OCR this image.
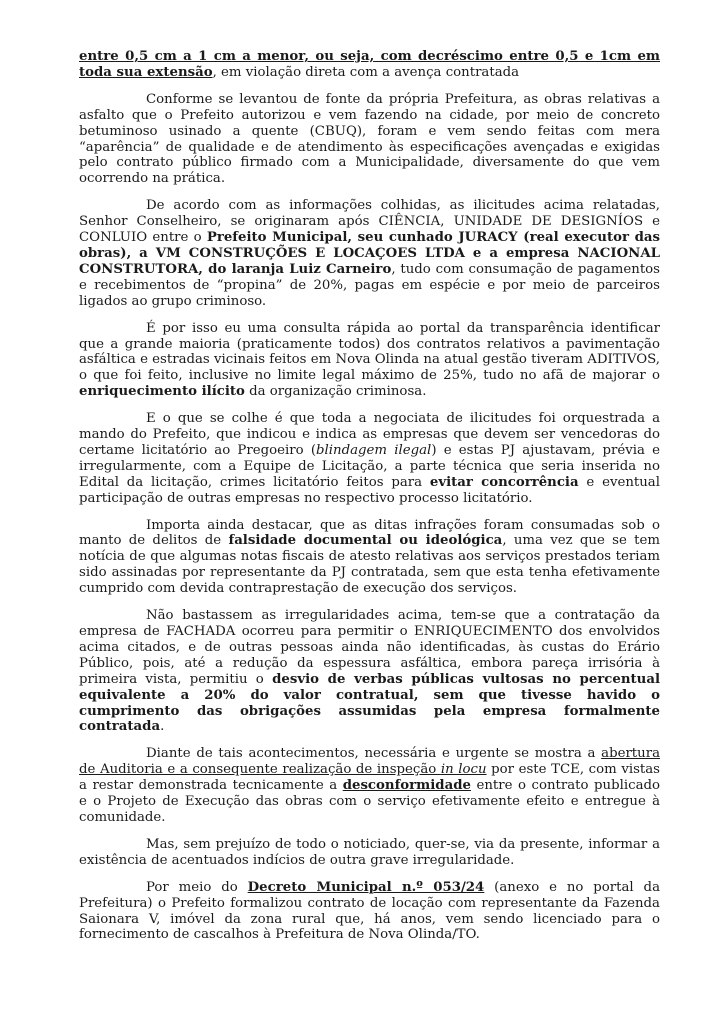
entre 0,5 cm a 1 cm a menor, ou seja, com decréscimo entre 0,5 e 1cm em toda sua extensão, em violação direta com a avença contratada

Conforme se levantou de fonte da própria Prefeitura, as obras relativas a asfalto que o Prefeito autorizou e vem fazendo na cidade, por meio de concreto betuminoso usinado a quente (CBUQ), foram e vem sendo feitas com mera “aparência” de qualidade e de atendimento às especificações avençadas e exigidas pelo contrato público firmado com a Municipalidade, diversamente do que vem ocorrendo na prática.

De acordo com as informações colhidas, as ilicitudes acima relatadas, Senhor Conselheiro, se originaram após CIÊNCIA, UNIDADE DE DESIGNÍOS e CONLUIO entre o Prefeito Municipal, seu cunhado JURACY (real executor das obras), a VM CONSTRUÇÕES E LOCAÇOES LTDA e a empresa NACIONAL CONSTRUTORA, do laranja Luiz Carneiro, tudo com consumação de pagamentos e recebimentos de “propina” de 20%, pagas em espécie e por meio de parceiros ligados ao grupo criminoso.

É por isso eu uma consulta rápida ao portal da transparência identificar que a grande maioria (praticamente todos) dos contratos relativos a pavimentação asfáltica e estradas vicinais feitos em Nova Olinda na atual gestão tiveram ADITIVOS, o que foi feito, inclusive no limite legal máximo de 25%, tudo no afã de majorar o enriquecimento ilícito da organização criminosa.

E o que se colhe é que toda a negociata de ilicitudes foi orquestrada a mando do Prefeito, que indicou e indica as empresas que devem ser vencedoras do certame licitatório ao Pregoeiro (blindagem ilegal) e estas PJ ajustavam, prévia e irregularmente, com a Equipe de Licitação, a parte técnica que seria inserida no Edital da licitação, crimes licitatório feitos para evitar concorrência e eventual participação de outras empresas no respectivo processo licitatório.

Importa ainda destacar, que as ditas infrações foram consumadas sob o manto de delitos de falsidade documental ou ideológica, uma vez que se tem notícia de que algumas notas fiscais de atesto relativas aos serviços prestados teriam sido assinadas por representante da PJ contratada, sem que esta tenha efetivamente cumprido com devida contraprestação de execução dos serviços.

Não bastassem as irregularidades acima, tem-se que a contratação da empresa de FACHADA ocorreu para permitir o ENRIQUECIMENTO dos envolvidos acima citados, e de outras pessoas ainda não identificadas, às custas do Erário Público, pois, até a redução da espessura asfáltica, embora pareça irrisória à primeira vista, permitiu o desvio de verbas públicas vultosas no percentual equivalente a 20% do valor contratual, sem que tivesse havido o cumprimento das obrigações assumidas pela empresa formalmente contratada.

Diante de tais acontecimentos, necessária e urgente se mostra a abertura de Auditoria e a consequente realização de inspeção in locu por este TCE, com vistas a restar demonstrada tecnicamente a desconformidade entre o contrato publicado e o Projeto de Execução das obras com o serviço efetivamente efeito e entregue à comunidade.

Mas, sem prejuízo de todo o noticiado, quer-se, via da presente, informar a existência de acentuados indícios de outra grave irregularidade.

Por meio do Decreto Municipal n.º 053/24 (anexo e no portal da Prefeitura) o Prefeito formalizou contrato de locação com representante da Fazenda Saionara V, imóvel da zona rural que, há anos, vem sendo licenciado para o fornecimento de cascalhos à Prefeitura de Nova Olinda/TO.
